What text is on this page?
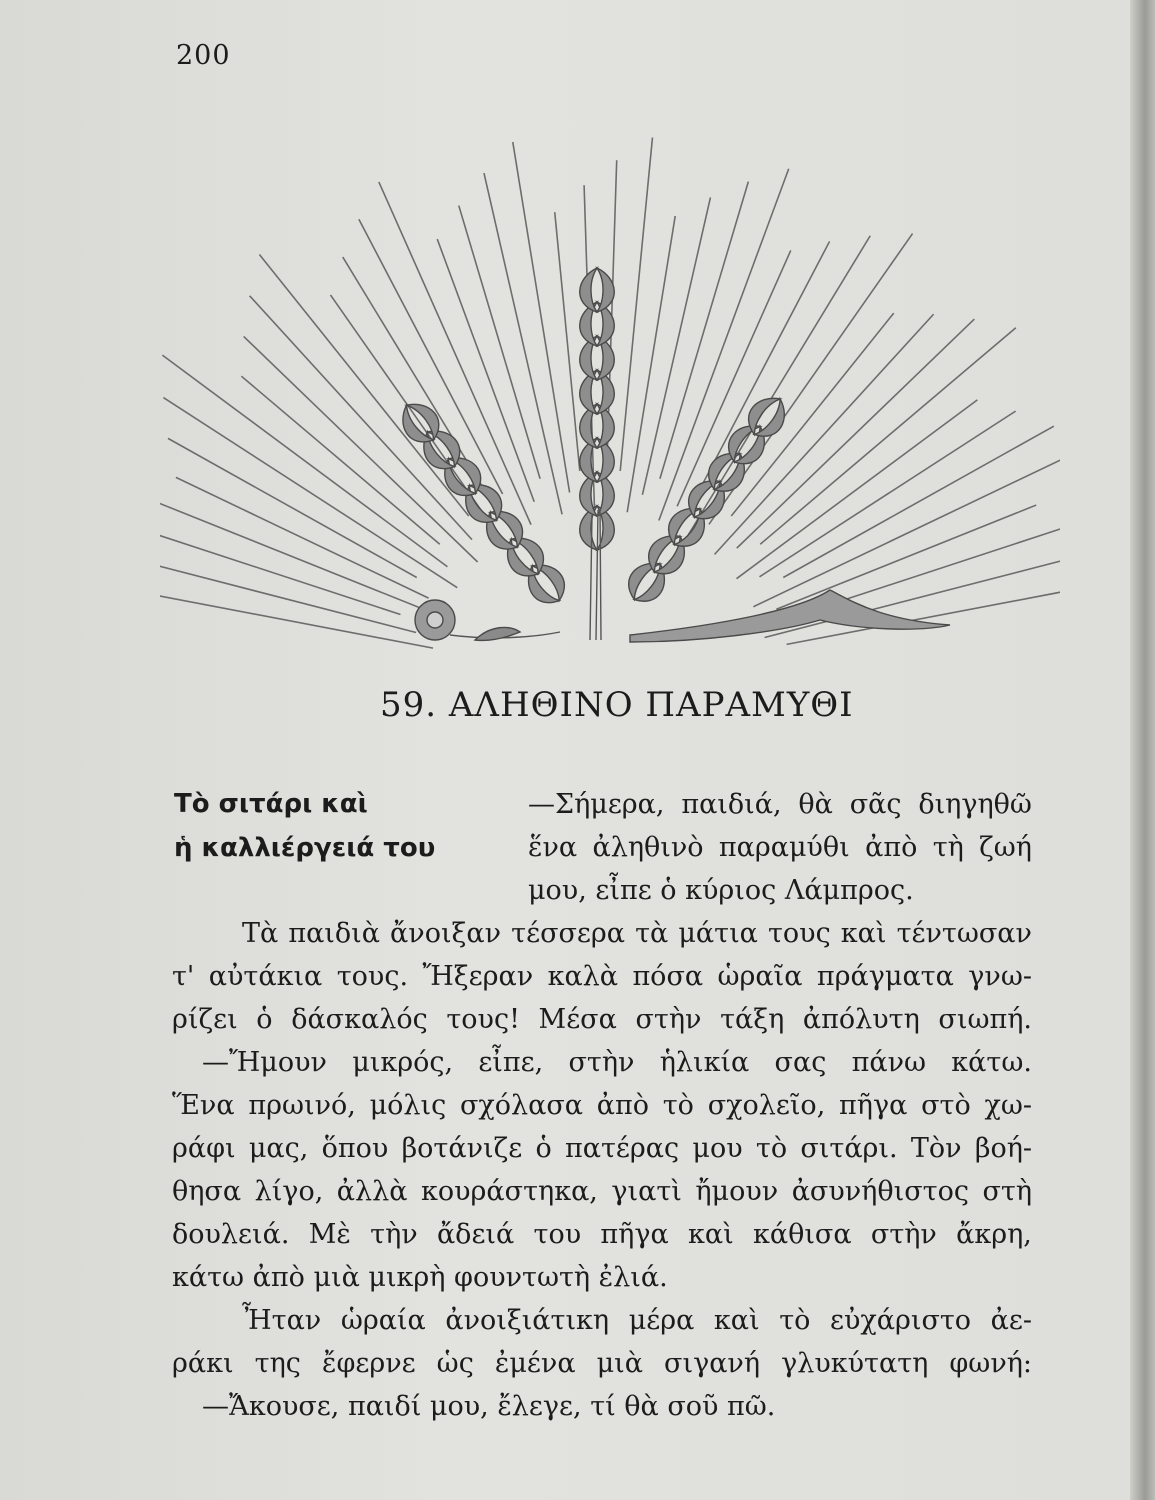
200
59. ΑΛΗΘΙΝΟ ΠΑΡΑΜΥΘΙ
Τὸ σιτάρι καὶ
ἡ καλλιέργειά του
—Σήμερα, παιδιά, θὰ σᾶς διηγηθῶ
ἕνα ἀληθινὸ παραμύθι ἀπὸ τὴ ζωή
μου, εἶπε ὁ κύριος Λάμπρος.
Τὰ παιδιὰ ἄνοιξαν τέσσερα τὰ μάτια τους καὶ τέντωσαν
τ' αὐτάκια τους. Ἤξεραν καλὰ πόσα ὡραῖα πράγματα γνω-
ρίζει ὁ δάσκαλός τους! Μέσα στὴν τάξη ἀπόλυτη σιωπή.
—Ἤμουν μικρός, εἶπε, στὴν ἡλικία σας πάνω κάτω.
Ἕνα πρωινό, μόλις σχόλασα ἀπὸ τὸ σχολεῖο, πῆγα στὸ χω-
ράφι μας, ὅπου βοτάνιζε ὁ πατέρας μου τὸ σιτάρι. Τὸν βοή-
θησα λίγο, ἀλλὰ κουράστηκα, γιατὶ ἤμουν ἀσυνήθιστος στὴ
δουλειά. Μὲ τὴν ἄδειά του πῆγα καὶ κάθισα στὴν ἄκρη,
κάτω ἀπὸ μιὰ μικρὴ φουντωτὴ ἐλιά.
Ἦταν ὡραία ἀνοιξιάτικη μέρα καὶ τὸ εὐχάριστο ἀε-
ράκι της ἔφερνε ὡς ἐμένα μιὰ σιγανή γλυκύτατη φωνή:
—Ἄκουσε, παιδί μου, ἔλεγε, τί θὰ σοῦ πῶ.
